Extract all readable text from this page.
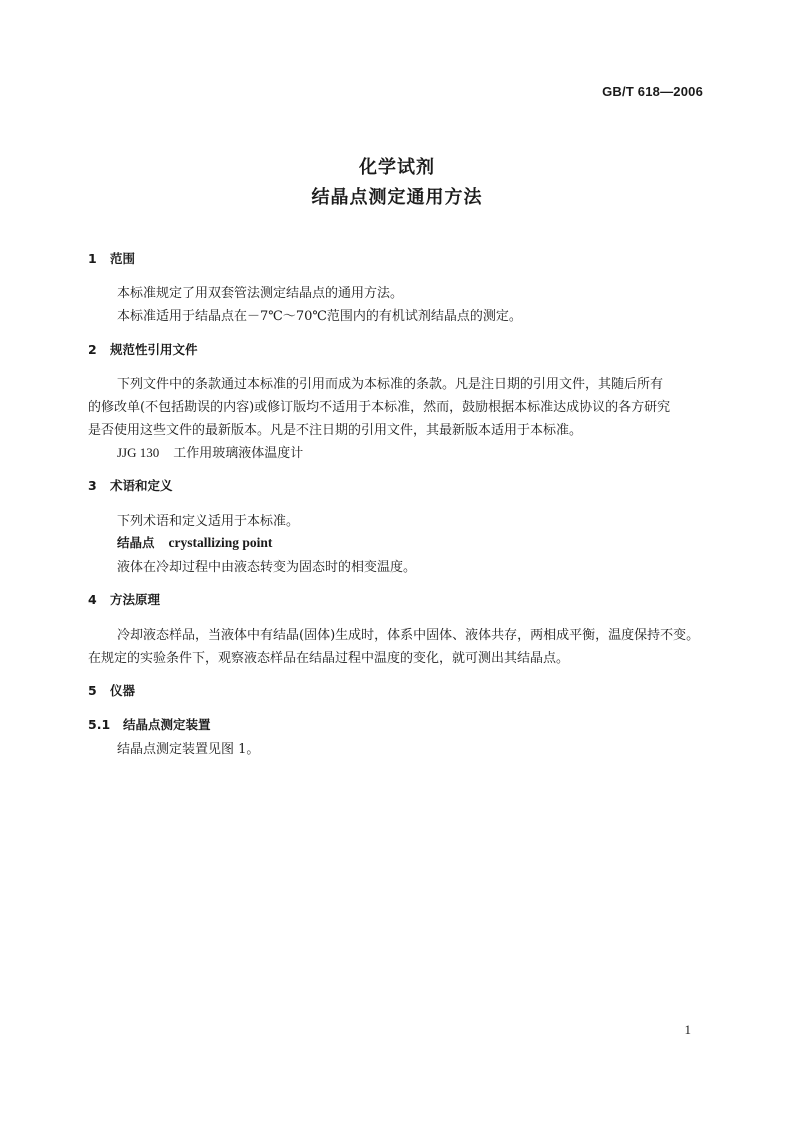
GB/T 618—2006
化学试剂
结晶点测定通用方法
1 范围
本标准规定了用双套管法测定结晶点的通用方法。
本标准适用于结晶点在－7℃～70℃范围内的有机试剂结晶点的测定。
2 规范性引用文件
下列文件中的条款通过本标准的引用而成为本标准的条款。凡是注日期的引用文件，其随后所有
的修改单(不包括勘误的内容)或修订版均不适用于本标准，然而，鼓励根据本标准达成协议的各方研究
是否使用这些文件的最新版本。凡是不注日期的引用文件，其最新版本适用于本标准。
JJG 130 工作用玻璃液体温度计
3 术语和定义
下列术语和定义适用于本标准。
结晶点 crystallizing point
液体在冷却过程中由液态转变为固态时的相变温度。
4 方法原理
冷却液态样品，当液体中有结晶(固体)生成时，体系中固体、液体共存，两相成平衡，温度保持不变。
在规定的实验条件下，观察液态样品在结晶过程中温度的变化，就可测出其结晶点。
5 仪器
5.1 结晶点测定装置
结晶点测定装置见图 1。
1
